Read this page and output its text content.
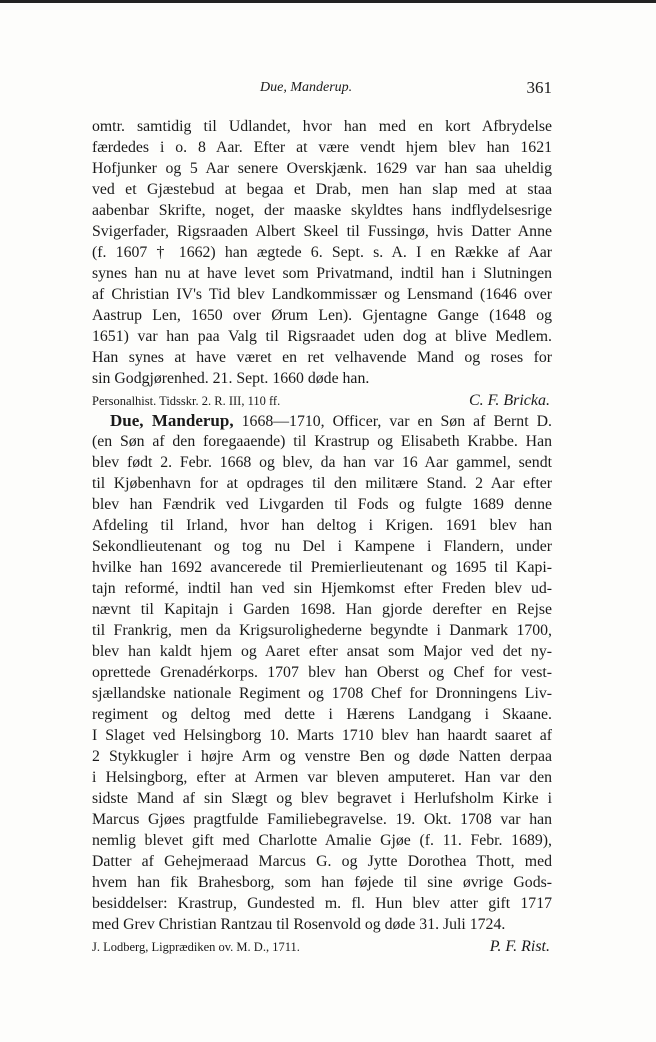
Due, Manderup.	361
omtr. samtidig til Udlandet, hvor han med en kort Afbrydelse
færdedes i o. 8 Aar. Efter at være vendt hjem blev han 1621
Hofjunker og 5 Aar senere Overskjænk. 1629 var han saa uheldig
ved et Gjæstebud at begaa et Drab, men han slap med at staa
aabenbar Skrifte, noget, der maaske skyldtes hans indflydelsesrige
Svigerfader, Rigsraaden Albert Skeel til Fussingø, hvis Datter Anne
(f. 1607 † 1662) han ægtede 6. Sept. s. A. I en Række af Aar
synes han nu at have levet som Privatmand, indtil han i Slutningen
af Christian IV's Tid blev Landkommissær og Lensmand (1646 over
Aastrup Len, 1650 over Ørum Len). Gjentagne Gange (1648 og
1651) var han paa Valg til Rigsraadet uden dog at blive Medlem.
Han synes at have været en ret velhavende Mand og roses for
sin Godgjørenhed. 21. Sept. 1660 døde han.
Personalhist. Tidsskr. 2. R. III, 110 ff.	C. F. Bricka.
Due, Manderup, 1668—1710, Officer, var en Søn af Bernt D.
(en Søn af den foregaaende) til Krastrup og Elisabeth Krabbe. Han
blev født 2. Febr. 1668 og blev, da han var 16 Aar gammel, sendt
til Kjøbenhavn for at opdrages til den militære Stand. 2 Aar efter
blev han Fændrik ved Livgarden til Fods og fulgte 1689 denne
Afdeling til Irland, hvor han deltog i Krigen. 1691 blev han
Sekondlieutenant og tog nu Del i Kampene i Flandern, under
hvilke han 1692 avancerede til Premierlieutenant og 1695 til Kapi-
tajn reformé, indtil han ved sin Hjemkomst efter Freden blev ud-
nævnt til Kapitajn i Garden 1698. Han gjorde derefter en Rejse
til Frankrig, men da Krigsurolighederne begyndte i Danmark 1700,
blev han kaldt hjem og Aaret efter ansat som Major ved det ny-
oprettede Grenadérkorps. 1707 blev han Oberst og Chef for vest-
sjællandske nationale Regiment og 1708 Chef for Dronningens Liv-
regiment og deltog med dette i Hærens Landgang i Skaane.
I Slaget ved Helsingborg 10. Marts 1710 blev han haardt saaret af
2 Stykkugler i højre Arm og venstre Ben og døde Natten derpaa
i Helsingborg, efter at Armen var bleven amputeret. Han var den
sidste Mand af sin Slægt og blev begravet i Herlufsholm Kirke i
Marcus Gjøes pragtfulde Familiebegravelse. 19. Okt. 1708 var han
nemlig blevet gift med Charlotte Amalie Gjøe (f. 11. Febr. 1689),
Datter af Gehejmeraad Marcus G. og Jytte Dorothea Thott, med
hvem han fik Brahesborg, som han føjede til sine øvrige Gods-
besiddelser: Krastrup, Gundested m. fl. Hun blev atter gift 1717
med Grev Christian Rantzau til Rosenvold og døde 31. Juli 1724.
J. Lodberg, Ligprædiken ov. M. D., 1711.	P. F. Rist.
